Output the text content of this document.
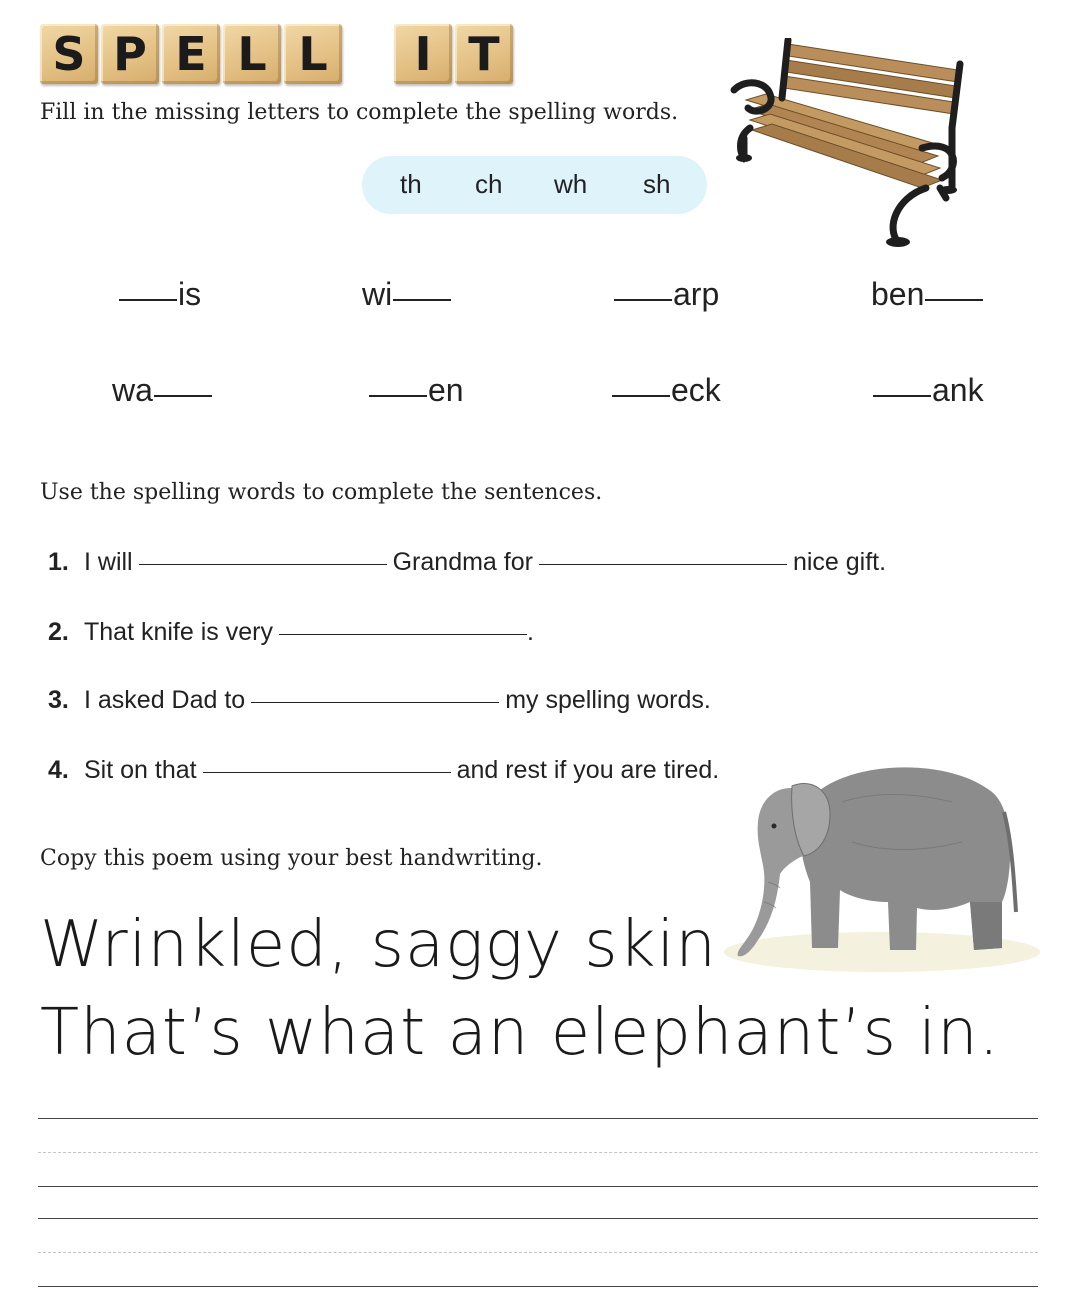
S P E L L	I T
Fill in the missing letters to complete the spelling words.
th ch wh sh
is	wi	arp	ben
wa	en	eck	ank
Use the spelling words to complete the sentences.
1. I will	Grandma for	nice gift.
2. That knife is very	.
3. I asked Dad to	my spelling words.
4. Sit on that	and rest if you are tired.
Copy this poem using your best handwriting.
Wrinkled, saggy skin
That’s what an elephant’s in.
